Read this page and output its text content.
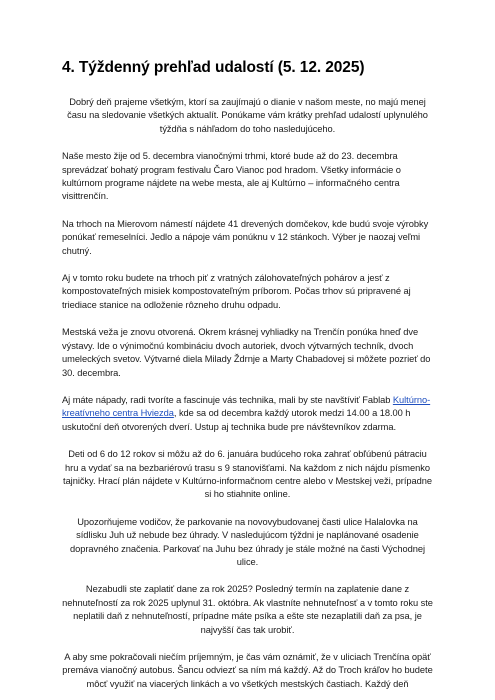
4. Týždenný prehľad udalostí (5. 12. 2025)

Dobrý deň prajeme všetkým, ktorí sa zaujímajú o dianie v našom meste, no majú menej času na sledovanie všetkých aktualít. Ponúkame vám krátky prehľad udalostí uplynulého týždňa s náhľadom do toho nasledujúceho.

Naše mesto žije od 5. decembra vianočnými trhmi, ktoré bude až do 23. decembra sprevádzať bohatý program festivalu Čaro Vianoc pod hradom. Všetky informácie o kultúrnom programe nájdete na webe mesta, ale aj Kultúrno – informačného centra visittrenčín.

Na trhoch na Mierovom námestí nájdete 41 drevených domčekov, kde budú svoje výrobky ponúkať remeselníci. Jedlo a nápoje vám ponúknu v 12 stánkoch. Výber je naozaj veľmi chutný.

Aj v tomto roku budete na trhoch piť z vratných zálohovateľných pohárov a jesť z kompostovateľných misiek kompostovateľným príborom. Počas trhov sú pripravené aj triediace stanice na odloženie rôzneho druhu odpadu.

Mestská veža je znovu otvorená. Okrem krásnej vyhliadky na Trenčín ponúka hneď dve výstavy. Ide o výnimočnú kombináciu dvoch autoriek, dvoch výtvarných techník, dvoch umeleckých svetov. Výtvarné diela Milady Ždrnje a Marty Chabadovej si môžete pozrieť do 30. decembra.

Aj máte nápady, radi tvoríte a fascinuje vás technika, mali by ste navštíviť Fablab Kultúrno-kreatívneho centra Hviezda, kde sa od decembra každý utorok medzi 14.00 a 18.00 h uskutoční deň otvorených dverí. Ustup aj technika bude pre návštevníkov zdarma.

Deti od 6 do 12 rokov si môžu až do 6. januára budúceho roka zahrať obľúbenú pátraciu hru a vydať sa na bezbariérovú trasu s 9 stanovišťami. Na každom z nich nájdu písmenko tajničky. Hrací plán nájdete v Kultúrno-informačnom centre alebo v Mestskej veži, prípadne si ho stiahnite online.

Upozorňujeme vodičov, že parkovanie na novovybudovanej časti ulice Halalovka na sídlisku Juh už nebude bez úhrady. V nasledujúcom týždni je naplánované osadenie dopravného značenia. Parkovať na Juhu bez úhrady je stále možné na časti Východnej ulice.

Nezabudli ste zaplatiť dane za rok 2025? Posledný termín na zaplatenie dane z nehnuteľností za rok 2025 uplynul 31. októbra. Ak vlastníte nehnuteľnosť a v tomto roku ste neplatili daň z nehnuteľností, prípadne máte psíka a ešte ste nezaplatili daň za psa, je najvyšší čas tak urobiť.

A aby sme pokračovali niečím príjemným, je čas vám oznámiť, že v uliciach Trenčína opäť premáva vianočný autobus. Šancu odviezť sa ním má každý. Až do Troch kráľov ho budete môcť využiť na viacerých linkách a vo všetkých mestských častiach. Každý deň
